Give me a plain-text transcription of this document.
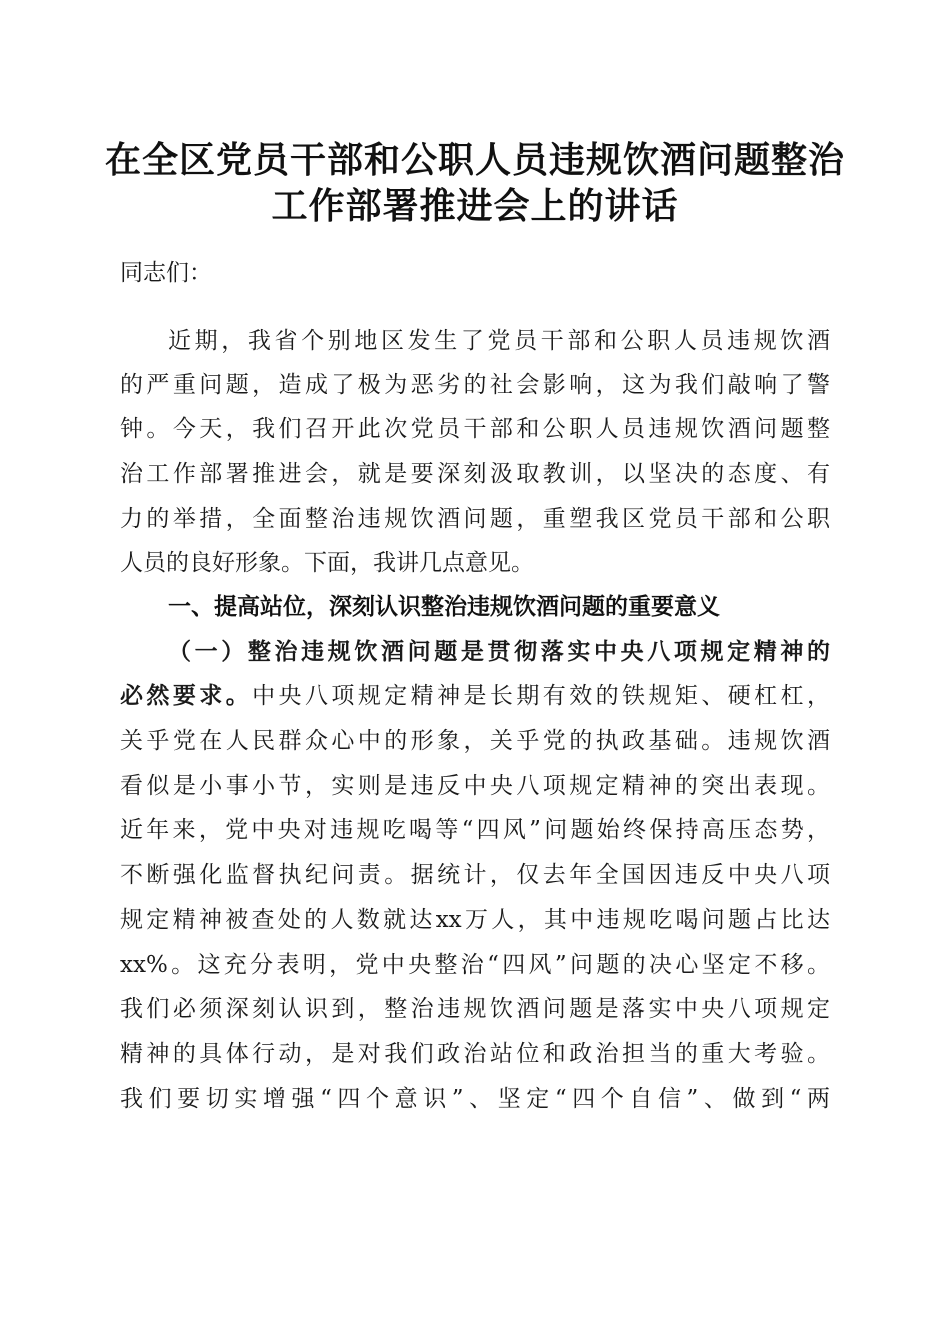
在全区党员干部和公职人员违规饮酒问题整治
工作部署推进会上的讲话
同志们：
近期，我省个别地区发生了党员干部和公职人员违规饮酒
的严重问题，造成了极为恶劣的社会影响，这为我们敲响了警
钟。今天，我们召开此次党员干部和公职人员违规饮酒问题整
治工作部署推进会，就是要深刻汲取教训，以坚决的态度、有
力的举措，全面整治违规饮酒问题，重塑我区党员干部和公职
人员的良好形象。下面，我讲几点意见。
一、提高站位，深刻认识整治违规饮酒问题的重要意义
（一）整治违规饮酒问题是贯彻落实中央八项规定精神的
必然要求。中央八项规定精神是长期有效的铁规矩、硬杠杠，
关乎党在人民群众心中的形象，关乎党的执政基础。违规饮酒
看似是小事小节，实则是违反中央八项规定精神的突出表现。
近年来，党中央对违规吃喝等“四风”问题始终保持高压态势，
不断强化监督执纪问责。据统计，仅去年全国因违反中央八项
规定精神被查处的人数就达xx万人，其中违规吃喝问题占比达
xx%。这充分表明，党中央整治“四风”问题的决心坚定不移。
我们必须深刻认识到，整治违规饮酒问题是落实中央八项规定
精神的具体行动，是对我们政治站位和政治担当的重大考验。
我们要切实增强“四个意识”、坚定“四个自信”、做到“两
